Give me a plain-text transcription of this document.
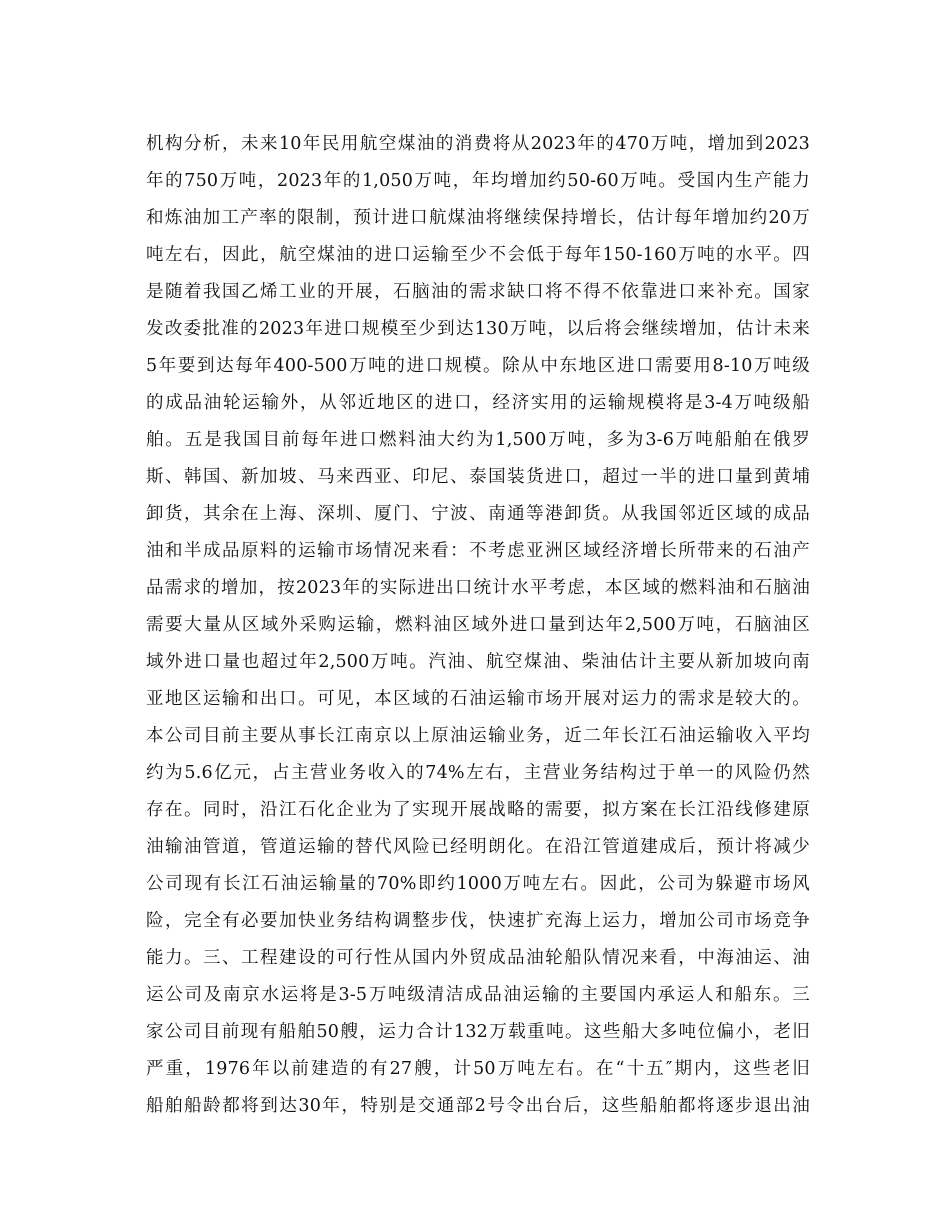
机构分析，未来10年民用航空煤油的消费将从2023年的470万吨，增加到2023
年的750万吨，2023年的1,050万吨，年均增加约50-60万吨。受国内生产能力
和炼油加工产率的限制，预计进口航煤油将继续保持增长，估计每年增加约20万
吨左右，因此，航空煤油的进口运输至少不会低于每年150-160万吨的水平。四
是随着我国乙烯工业的开展，石脑油的需求缺口将不得不依靠进口来补充。国家
发改委批准的2023年进口规模至少到达130万吨，以后将会继续增加，估计未来
5年要到达每年400-500万吨的进口规模。除从中东地区进口需要用8-10万吨级
的成品油轮运输外，从邻近地区的进口，经济实用的运输规模将是3-4万吨级船
舶。五是我国目前每年进口燃料油大约为1,500万吨，多为3-6万吨船舶在俄罗
斯、韩国、新加坡、马来西亚、印尼、泰国装货进口，超过一半的进口量到黄埔
卸货，其余在上海、深圳、厦门、宁波、南通等港卸货。从我国邻近区域的成品
油和半成品原料的运输市场情况来看：不考虑亚洲区域经济增长所带来的石油产
品需求的增加，按2023年的实际进出口统计水平考虑，本区域的燃料油和石脑油
需要大量从区域外采购运输，燃料油区域外进口量到达年2,500万吨，石脑油区
域外进口量也超过年2,500万吨。汽油、航空煤油、柴油估计主要从新加坡向南
亚地区运输和出口。可见，本区域的石油运输市场开展对运力的需求是较大的。
本公司目前主要从事长江南京以上原油运输业务，近二年长江石油运输收入平均
约为5.6亿元，占主营业务收入的74%左右，主营业务结构过于单一的风险仍然
存在。同时，沿江石化企业为了实现开展战略的需要，拟方案在长江沿线修建原
油输油管道，管道运输的替代风险已经明朗化。在沿江管道建成后，预计将减少
公司现有长江石油运输量的70%即约1000万吨左右。因此，公司为躲避市场风
险，完全有必要加快业务结构调整步伐，快速扩充海上运力，增加公司市场竞争
能力。三、工程建设的可行性从国内外贸成品油轮船队情况来看，中海油运、油
运公司及南京水运将是3-5万吨级清洁成品油运输的主要国内承运人和船东。三
家公司目前现有船舶50艘，运力合计132万载重吨。这些船大多吨位偏小，老旧
严重，1976年以前建造的有27艘，计50万吨左右。在“十五″期内，这些老旧
船舶船龄都将到达30年，特别是交通部2号令出台后，这些船舶都将逐步退出油
